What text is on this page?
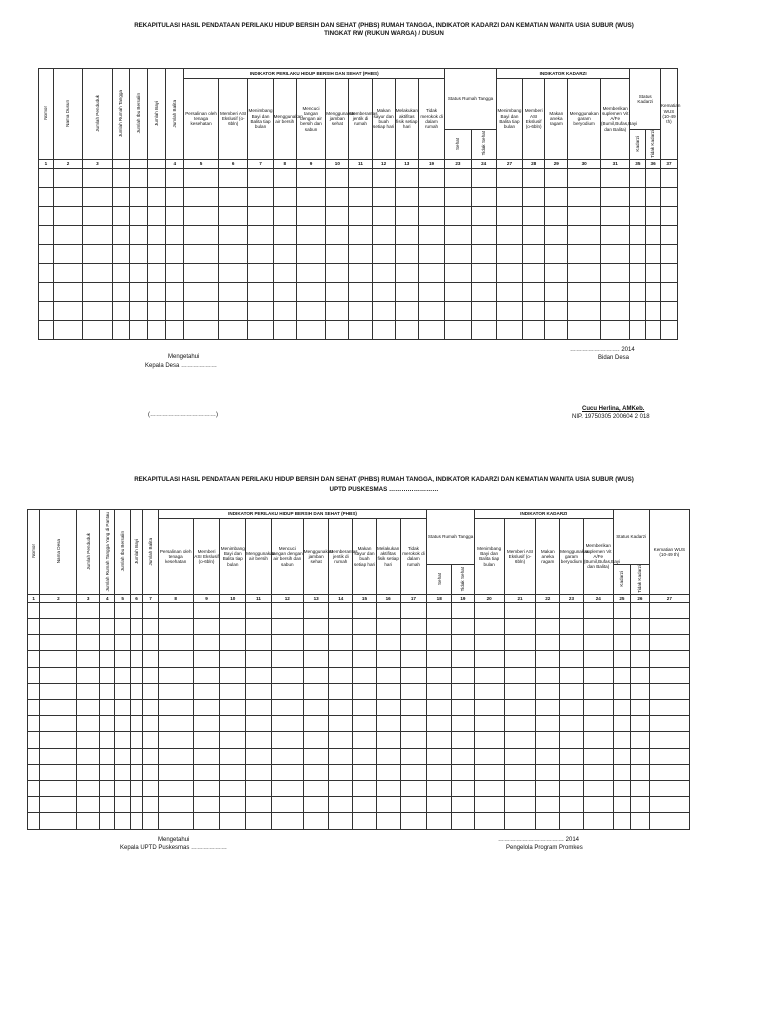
REKAPITULASI HASIL PENDATAAN PERILAKU HIDUP BERSIH DAN SEHAT (PHBS) RUMAH TANGGA, INDIKATOR KADARZI DAN KEMATIAN WANITA USIA SUBUR (WUS)
TINGKAT RW (RUKUN WARGA) / DUSUN
Nomor	Nama Dusun	Jumlah Penduduk	Jumlah Rumah Tangga	Jumlah Ibu Bersalin	Jumlah Bayi	Jumlah Balita	INDIKATOR PERILAKU HIDUP BERSIH DAN SEHAT (PHBS)										Status Rumah Tangga		INDIKATOR KADARZI					Status Kadarzi		Kematian WUS (10-49 th)
							Persalinan oleh tenaga kesehatan	Memberi ASI Ekslusif (o-6bln)	Menimbang Bayi dan Balita tiap bulan	Menggunakan air bersih	Mencuci tangan dengan air bersih dan sabun	Menggunakan jamban sehat	Memberantas jentik di rumah	Makan sayur dan buah setiap hari	Melakukan aktifitas fisik setiap hari	Tidak merokok di dalam rumah			Menimbang Bayi dan Balita tiap bulan	Memberi ASI Ekslusif (o-6bln)	Makan aneka ragam	Menggunakan garam beryodium	Memberikan suplemen Vit A/Fe (Bumil,Bufas,Bayi dan Balita)			
																	Sehat	Tidak Sehat						Kadarzi	Tidak Kadarzi	
1	2	3				4	5	6	7	8	9	10	11	12	13	19	23	24	27	28	29	30	31	35	36	37

……………………. 2014
Bidan Desa
Mengetahui
Kepala Desa ………………
(……………………………)
Cucu Herlina, AMKeb.
NIP. 19750305 200604 2 018
REKAPITULASI HASIL PENDATAAN PERILAKU HIDUP BERSIH DAN SEHAT (PHBS) RUMAH TANGGA, INDIKATOR KADARZI DAN KEMATIAN WANITA USIA SUBUR (WUS)
UPTD PUSKESMAS ……………………
Nomor	Nama Desa	Jumlah Penduduk	Jumlah Rumah Tangga Yang di Pantau	Jumlah Ibu Bersalin	Jumlah Bayi	Jumlah Balita	INDIKATOR PERILAKU HIDUP BERSIH DAN SEHAT (PHBS)										Status Rumah Tangga		INDIKATOR KADARZI					Status Kadarzi		Kematian WUS (10-49 th)
							Persalinan oleh tenaga kesehatan	Memberi ASI Ekslusif (o-6bln)	Menimbang Bayi dan Balita tiap bulan	Menggunakan air bersih	Mencuci tangan dengan air bersih dan sabun	Menggunakan jamban sehat	Memberantas jentik di rumah	Makan sayur dan buah setiap hari	Melakukan aktifitas fisik setiap hari	Tidak merokok di dalam rumah			Menimbang Bayi dan Balita tiap bulan	Memberi ASI Ekslusif (o-6bln)	Makan aneka ragam	Menggunakan garam beryodium	Memberikan suplemen Vit A/Fe (Bumil,Bufas,Bayi dan Balita)			
																	Sehat	Tidak Sehat						Kadarzi	Tidak Kadarzi	
1	2	3	4	5	6	7	8	9	10	11	12	13	14	15	16	17	18	19	20	21	22	23	24	25	26	27

Mengetahui
Kepala UPTD Puskesmas ………………
…………………………… 2014
Pengelola Program Promkes
